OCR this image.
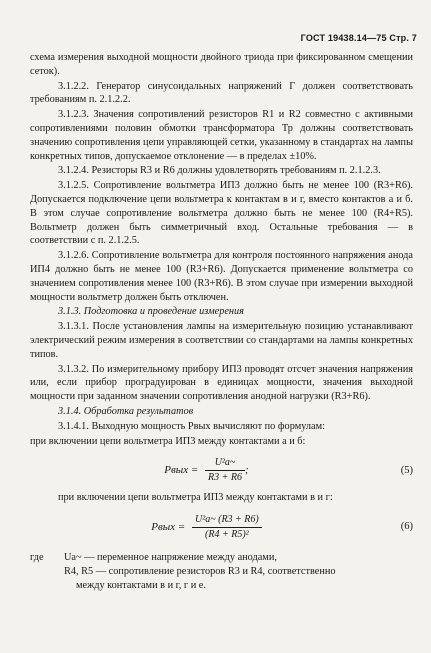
ГОСТ 19438.14—75 Стр. 7

схема измерения выходной мощности двойного триода при фиксированном смещении сеток).

3.1.2.2. Генератор синусоидальных напряжений Г должен соответствовать требованиям п. 2.1.2.2.

3.1.2.3. Значения сопротивлений резисторов R1 и R2 совместно с активными сопротивлениями половин обмотки трансформатора Тр должны соответствовать значению сопротивления цепи управляющей сетки, указанному в стандартах на лампы конкретных типов, допускаемое отклонение — в пределах ±10%.

3.1.2.4. Резисторы R3 и R6 должны удовлетворять требованиям п. 2.1.2.3.

3.1.2.5. Сопротивление вольтметра ИП3 должно быть не менее 100 (R3+R6). Допускается подключение цепи вольтметра к контактам в и г, вместо контактов а и б. В этом случае сопротивление вольтметра должно быть не менее 100 (R4+R5). Вольтметр должен быть симметричный вход. Остальные требования — в соответствии с п. 2.1.2.5.

3.1.2.6. Сопротивление вольтметра для контроля постоянного напряжения анода ИП4 должно быть не менее 100 (R3+R6). Допускается применение вольтметра со значением сопротивления менее 100 (R3+R6). В этом случае при измерении выходной мощности вольтметр должен быть отключен.

3.1.3. Подготовка и проведение измерения

3.1.3.1. После установления лампы на измерительную позицию устанавливают электрический режим измерения в соответствии со стандартами на лампы конкретных типов.

3.1.3.2. По измерительному прибору ИП3 проводят отсчет значения напряжения или, если прибор проградуирован в единицах мощности, значения выходной мощности при заданном значении сопротивления анодной нагрузки (R3+R6).

3.1.4. Обработка результатов

3.1.4.1. Выходную мощность Pвых вычисляют по формулам:

при включении цепи вольтметра ИП3 между контактами а и б:

Pвых = $\frac{\text{U²а\textasciitilde{}}}{R3 + R6}$ ;	(5)

при включении цепи вольтметра ИП3 между контактами в и г:

Pвых = $\frac{\text{U²а\textasciitilde{} (R3 + R6)}}{\text{(R4 + R5)²}}$	(6)
где	Uа~ — переменное напряжение между анодами,
R4, R5 — сопротивление резисторов R3 и R4, соответственно
между контактами в и г, г и е.
